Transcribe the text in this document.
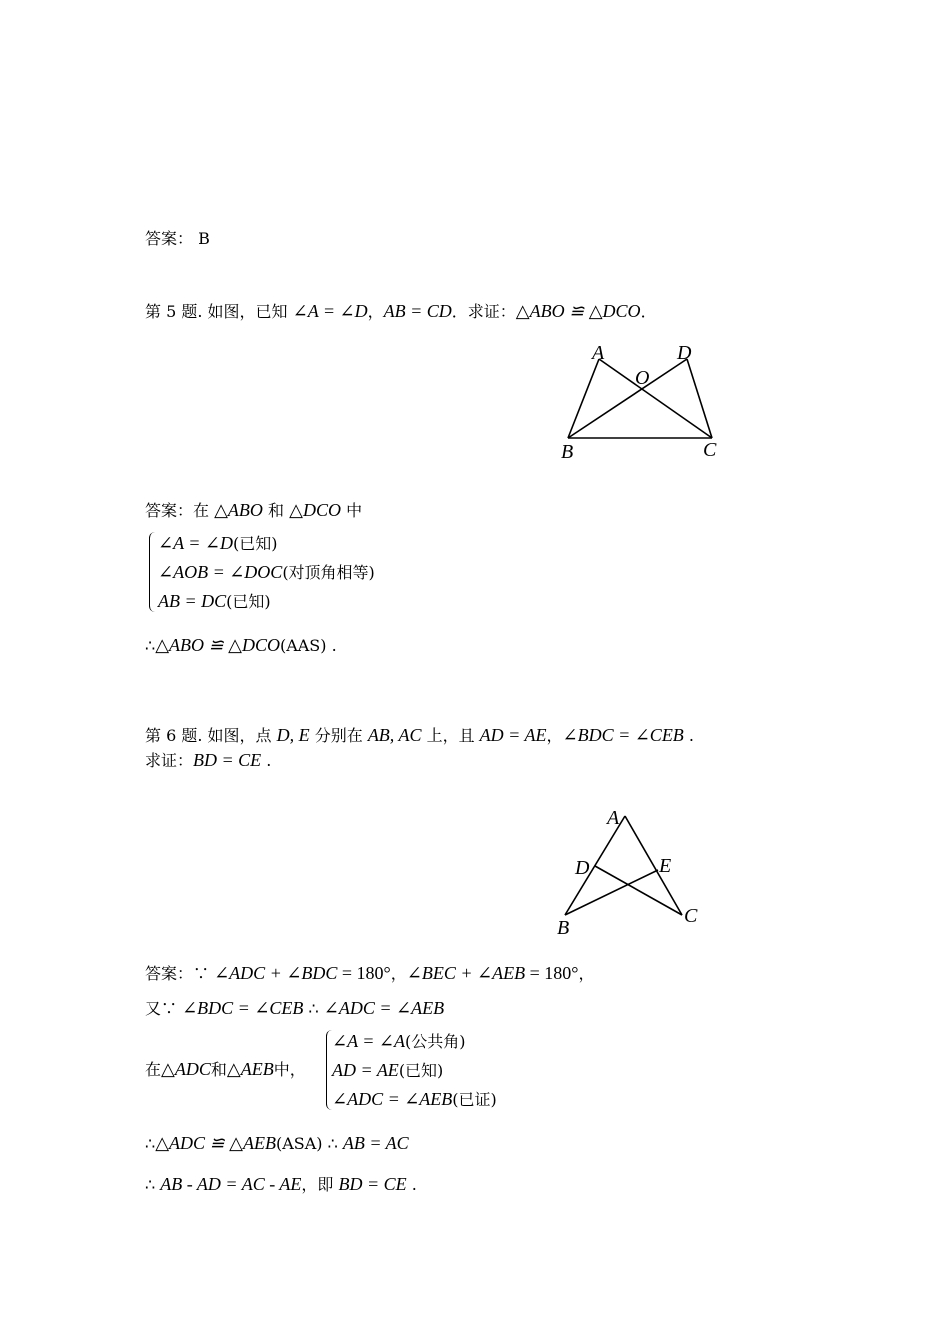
答案： B
第 5 题. 如图，已知 ∠A = ∠D，AB = CD．求证：△ABO ≌ △DCO．
A	D
O
B	C
答案：在 △ABO 和 △DCO 中
∠A = ∠D(已知)
∠AOB = ∠DOC(对顶角相等)
AB = DC(已知)
∴△ABO ≌ △DCO(AAS) .
第 6 题. 如图，点 D, E 分别在 AB, AC 上，且 AD = AE，∠BDC = ∠CEB .
求证：BD = CE .
A
D	E
B
C
答案：∵ ∠ADC + ∠BDC = 180°，∠BEC + ∠AEB = 180°，
又∵ ∠BDC = ∠CEB ∴ ∠ADC = ∠AEB
在△ADC和△AEB中，
∠A = ∠A(公共角)
AD = AE(已知)
∠ADC = ∠AEB(已证)
∴△ADC ≌ △AEB(ASA) ∴ AB = AC
∴ AB - AD = AC - AE，即 BD = CE .
